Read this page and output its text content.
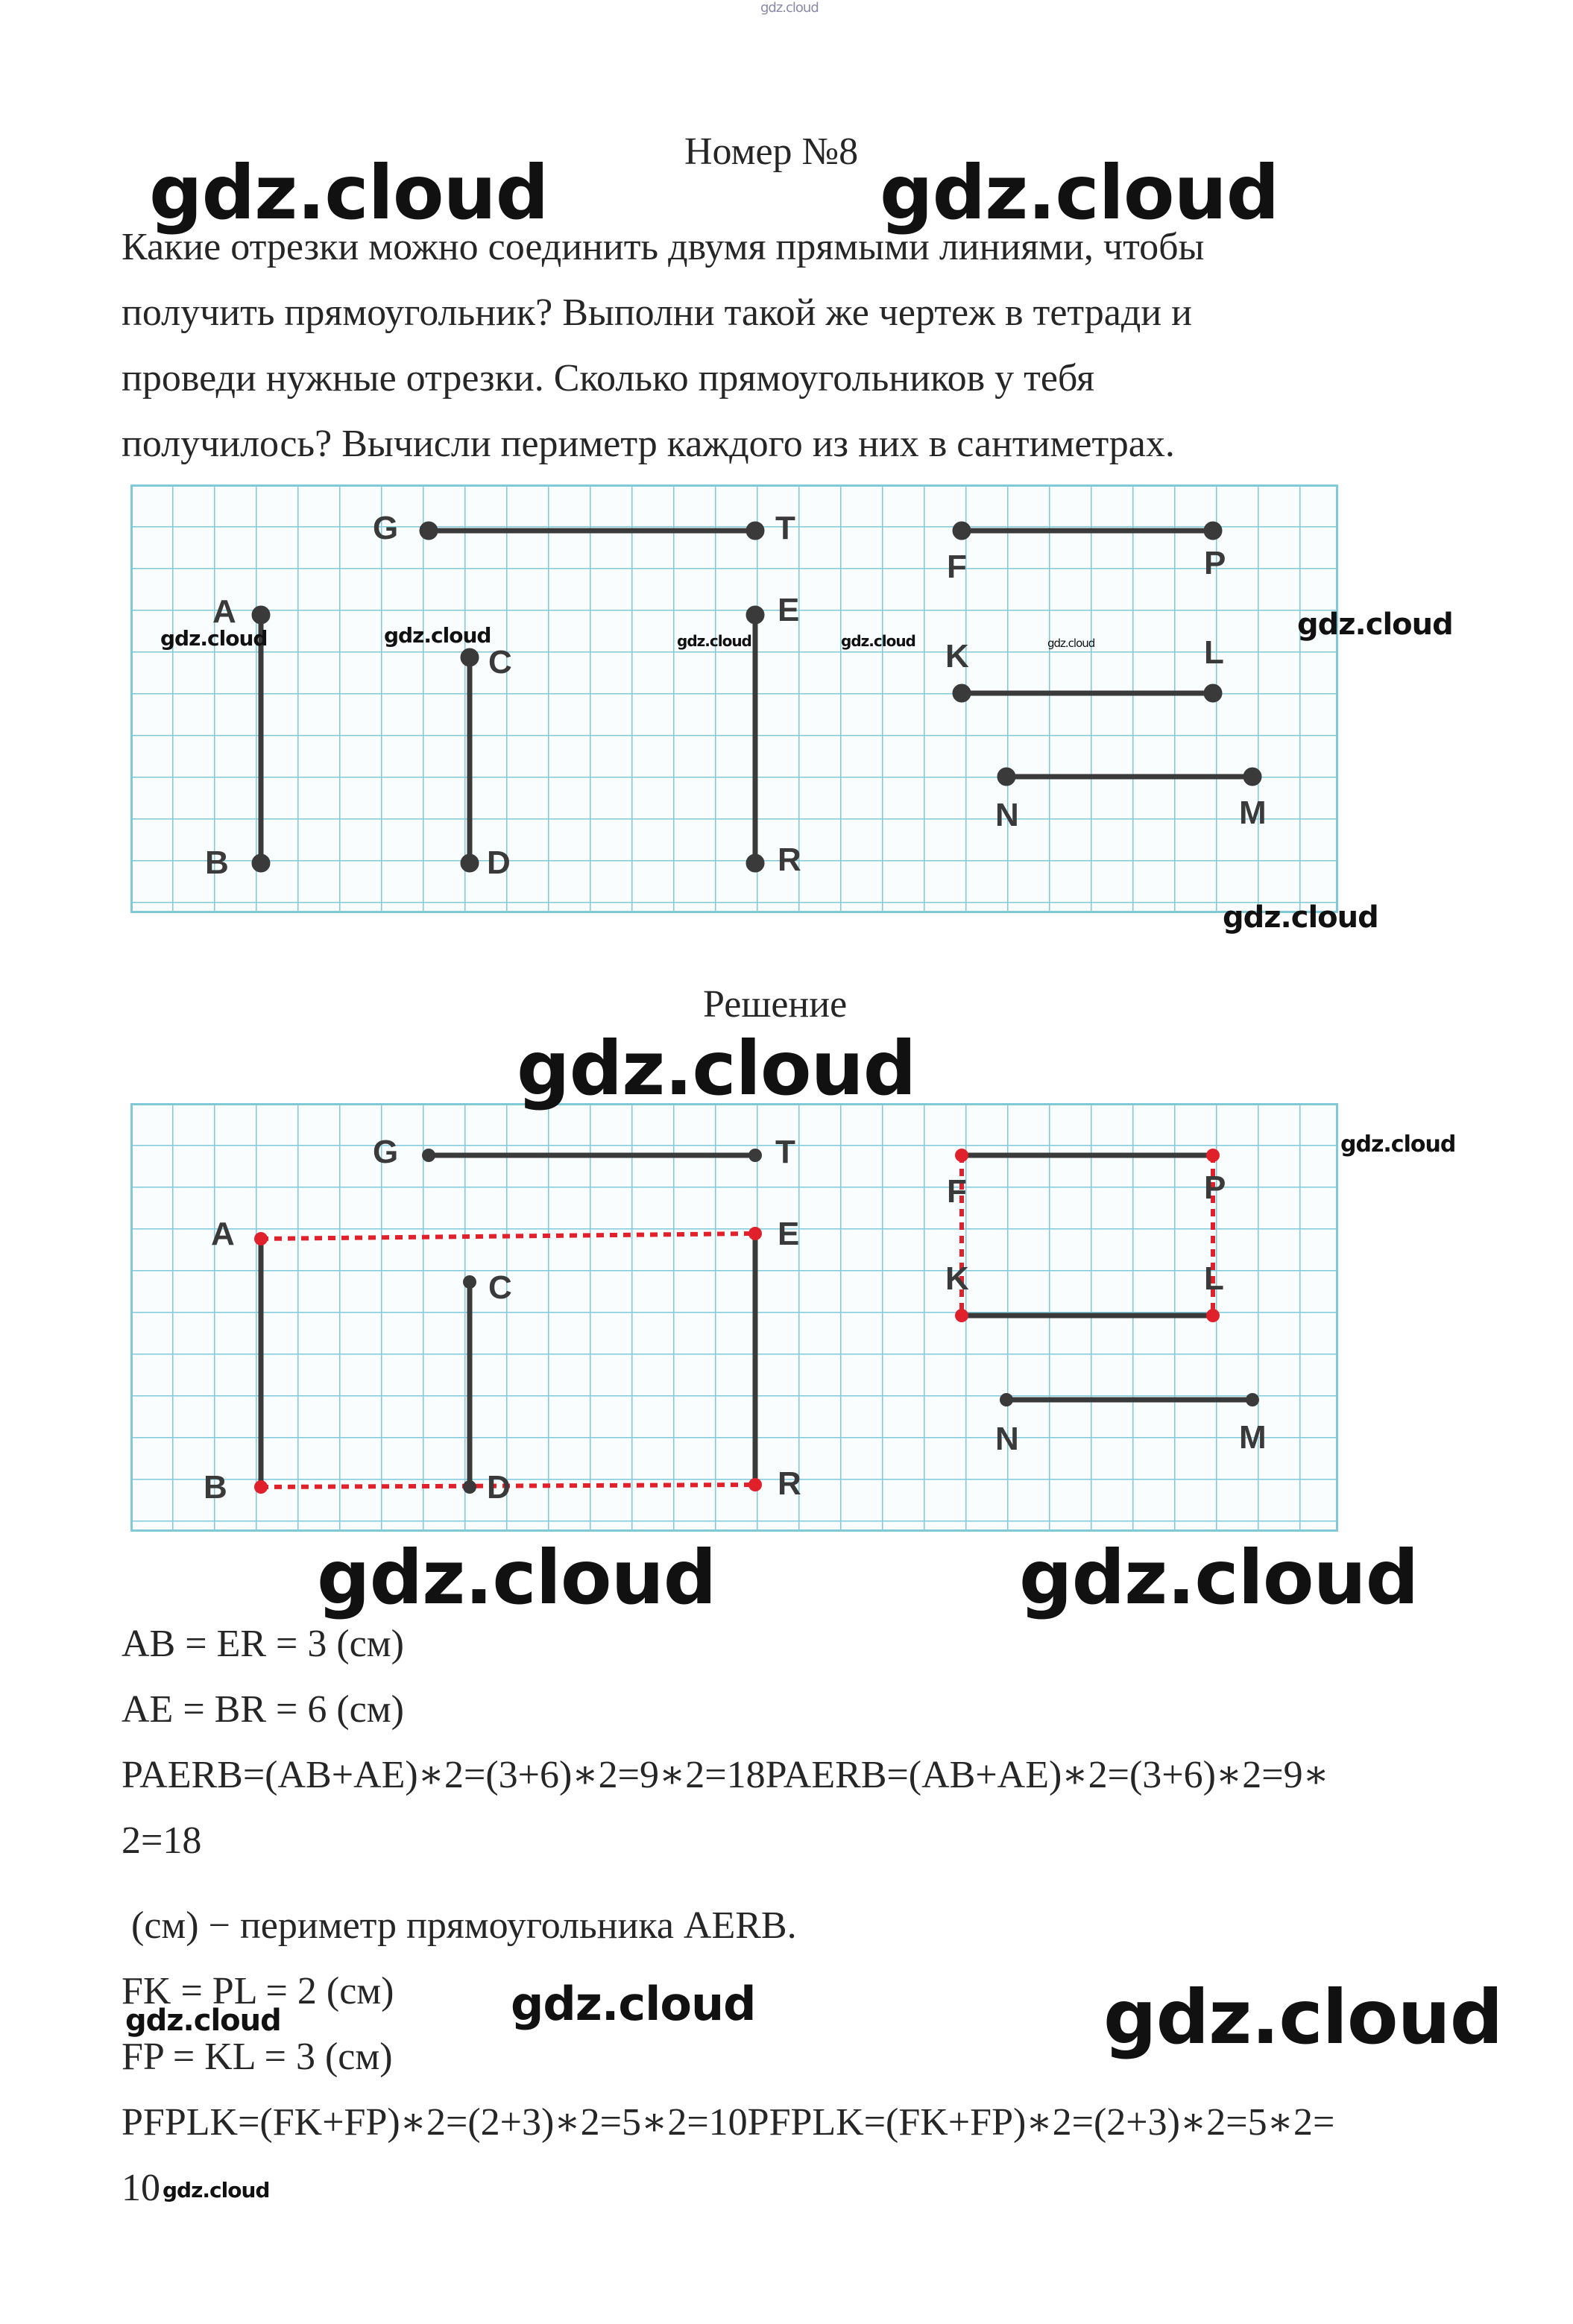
gdz.cloud
Номер №8
Какие отрезки можно соединить двумя прямыми линиями, чтобы
получить прямоугольник? Выполни такой же чертеж в тетради и
проведи нужные отрезки. Сколько прямоугольников у тебя
получилось? Вычисли периметр каждого из них в сантиметрах.
A
B
C
D
E
R
G	T
F	P
K	L
N	M
Решение
A
B
C
D
E
R
G	T
F	P
K	L
N	M
AB = ER = 3 (см)
AE = BR = 6 (см)
PAERB=(AB+AE)∗2=(3+6)∗2=9∗2=18PAERB=(AB+AE)∗2=(3+6)∗2=9∗
2=18
(см) − периметр прямоугольника AERB.
FK = PL = 2 (см)
FP = KL = 3 (см)
PFPLK=(FK+FP)∗2=(2+3)∗2=5∗2=10PFPLK=(FK+FP)∗2=(2+3)∗2=5∗2=
10
gdz.cloud	gdz.cloud
gdz.cloud	gdz.cloud	gdz.cloud	gdz.cloud	gdz.cloud
gdz.cloud
gdz.cloud
gdz.cloud
gdz.cloud
gdz.cloud	gdz.cloud
gdz.cloud	gdz.cloud	gdz.cloud
gdz.cloud
